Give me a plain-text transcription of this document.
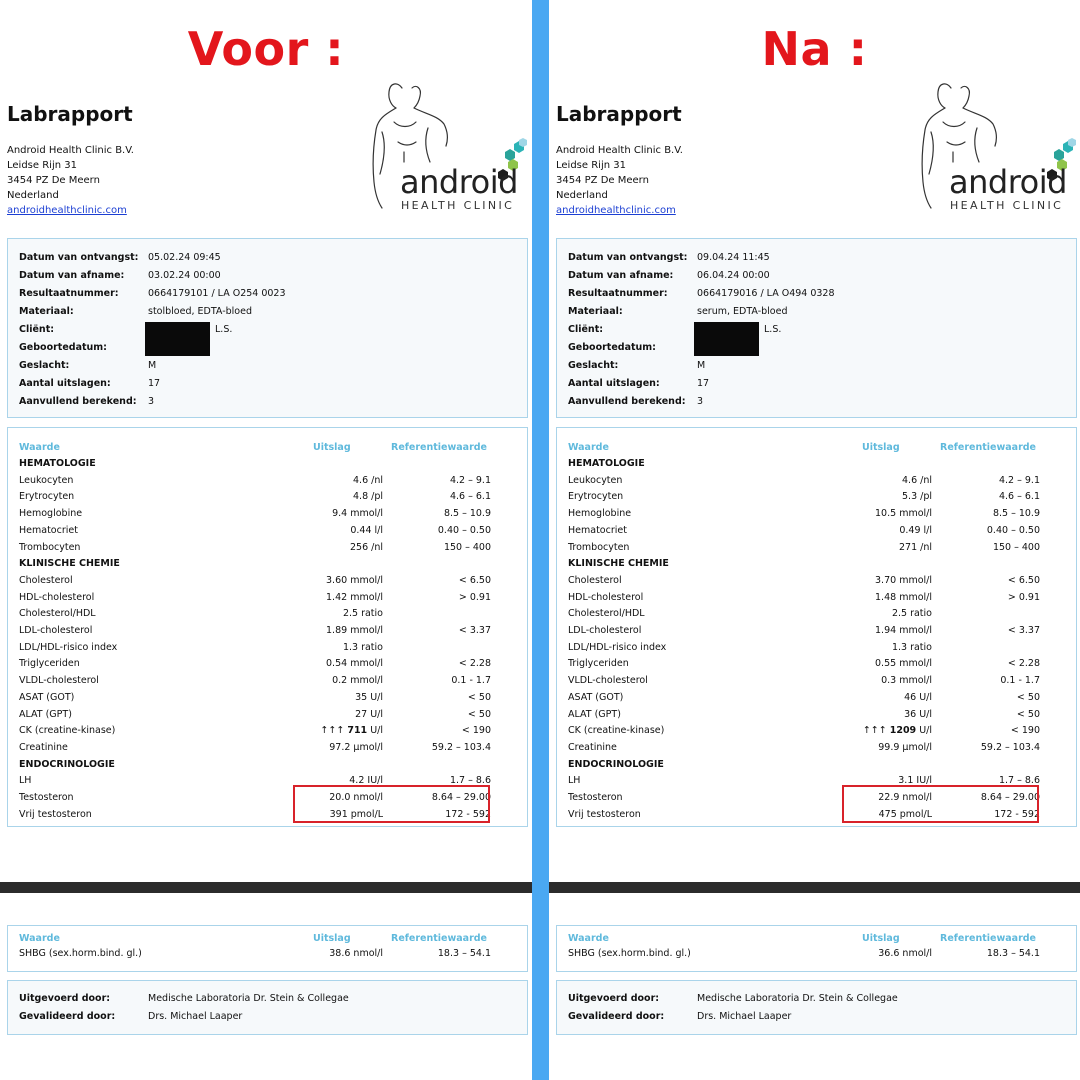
Voor :
Labrapport
Android Health Clinic B.V.
Leidse Rijn 31
3454 PZ De Meern
Nederland
androidhealthclinic.com
android
HEALTH CLINIC
Datum van ontvangst: 05.02.24 09:45
Datum van afname: 03.02.24 00:00
Resultaatnummer:	0664179101 / LA O254 0023
Materiaal:	stolbloed, EDTA-bloed
Cliënt:	L.S.
Geboortedatum:
Geslacht:	M
Aantal uitslagen:	17
Aanvullend berekend: 3
Waarde	Uitslag	Referentiewaarde
HEMATOLOGIE
Leukocyten	4.6 /nl	4.2 – 9.1
Erytrocyten	4.8 /pl	4.6 – 6.1
Hemoglobine	9.4 mmol/l	8.5 – 10.9
Hematocriet	0.44 l/l	0.40 – 0.50
Trombocyten	256 /nl	150 – 400
KLINISCHE CHEMIE
Cholesterol	3.60 mmol/l	< 6.50
HDL-cholesterol	1.42 mmol/l	> 0.91
Cholesterol/HDL	2.5 ratio
LDL-cholesterol	1.89 mmol/l	< 3.37
LDL/HDL-risico index	1.3 ratio
Triglyceriden	0.54 mmol/l	< 2.28
VLDL-cholesterol	0.2 mmol/l	0.1 - 1.7
ASAT (GOT)	35 U/l	< 50
ALAT (GPT)	27 U/l	< 50
CK (creatine-kinase)	↑↑↑ 711 U/l	< 190
Creatinine	97.2 µmol/l	59.2 – 103.4
ENDOCRINOLOGIE
LH	4.2 IU/l	1.7 – 8.6
Testosteron	20.0 nmol/l	8.64 – 29.00
Vrij testosteron	391 pmol/L	172 - 592
Waarde	Uitslag	Referentiewaarde
SHBG (sex.horm.bind. gl.)	38.6 nmol/l	18.3 – 54.1
Uitgevoerd door:	Medische Laboratoria Dr. Stein & Collegae
Gevalideerd door:	Drs. Michael Laaper
Na :
Labrapport
Android Health Clinic B.V.
Leidse Rijn 31
3454 PZ De Meern
Nederland
androidhealthclinic.com
android
HEALTH CLINIC
Datum van ontvangst: 09.04.24 11:45
Datum van afname: 06.04.24 00:00
Resultaatnummer:	0664179016 / LA O494 0328
Materiaal:	serum, EDTA-bloed
Cliënt:	L.S.
Geboortedatum:
Geslacht:	M
Aantal uitslagen:	17
Aanvullend berekend: 3
Waarde	Uitslag	Referentiewaarde
HEMATOLOGIE
Leukocyten	4.6 /nl	4.2 – 9.1
Erytrocyten	5.3 /pl	4.6 – 6.1
Hemoglobine	10.5 mmol/l	8.5 – 10.9
Hematocriet	0.49 l/l	0.40 – 0.50
Trombocyten	271 /nl	150 – 400
KLINISCHE CHEMIE
Cholesterol	3.70 mmol/l	< 6.50
HDL-cholesterol	1.48 mmol/l	> 0.91
Cholesterol/HDL	2.5 ratio
LDL-cholesterol	1.94 mmol/l	< 3.37
LDL/HDL-risico index	1.3 ratio
Triglyceriden	0.55 mmol/l	< 2.28
VLDL-cholesterol	0.3 mmol/l	0.1 - 1.7
ASAT (GOT)	46 U/l	< 50
ALAT (GPT)	36 U/l	< 50
CK (creatine-kinase)	↑↑↑ 1209 U/l	< 190
Creatinine	99.9 µmol/l	59.2 – 103.4
ENDOCRINOLOGIE
LH	3.1 IU/l	1.7 – 8.6
Testosteron	22.9 nmol/l	8.64 – 29.00
Vrij testosteron	475 pmol/L	172 - 592
Waarde	Uitslag	Referentiewaarde
SHBG (sex.horm.bind. gl.)	36.6 nmol/l	18.3 – 54.1
Uitgevoerd door:	Medische Laboratoria Dr. Stein & Collegae
Gevalideerd door:	Drs. Michael Laaper
